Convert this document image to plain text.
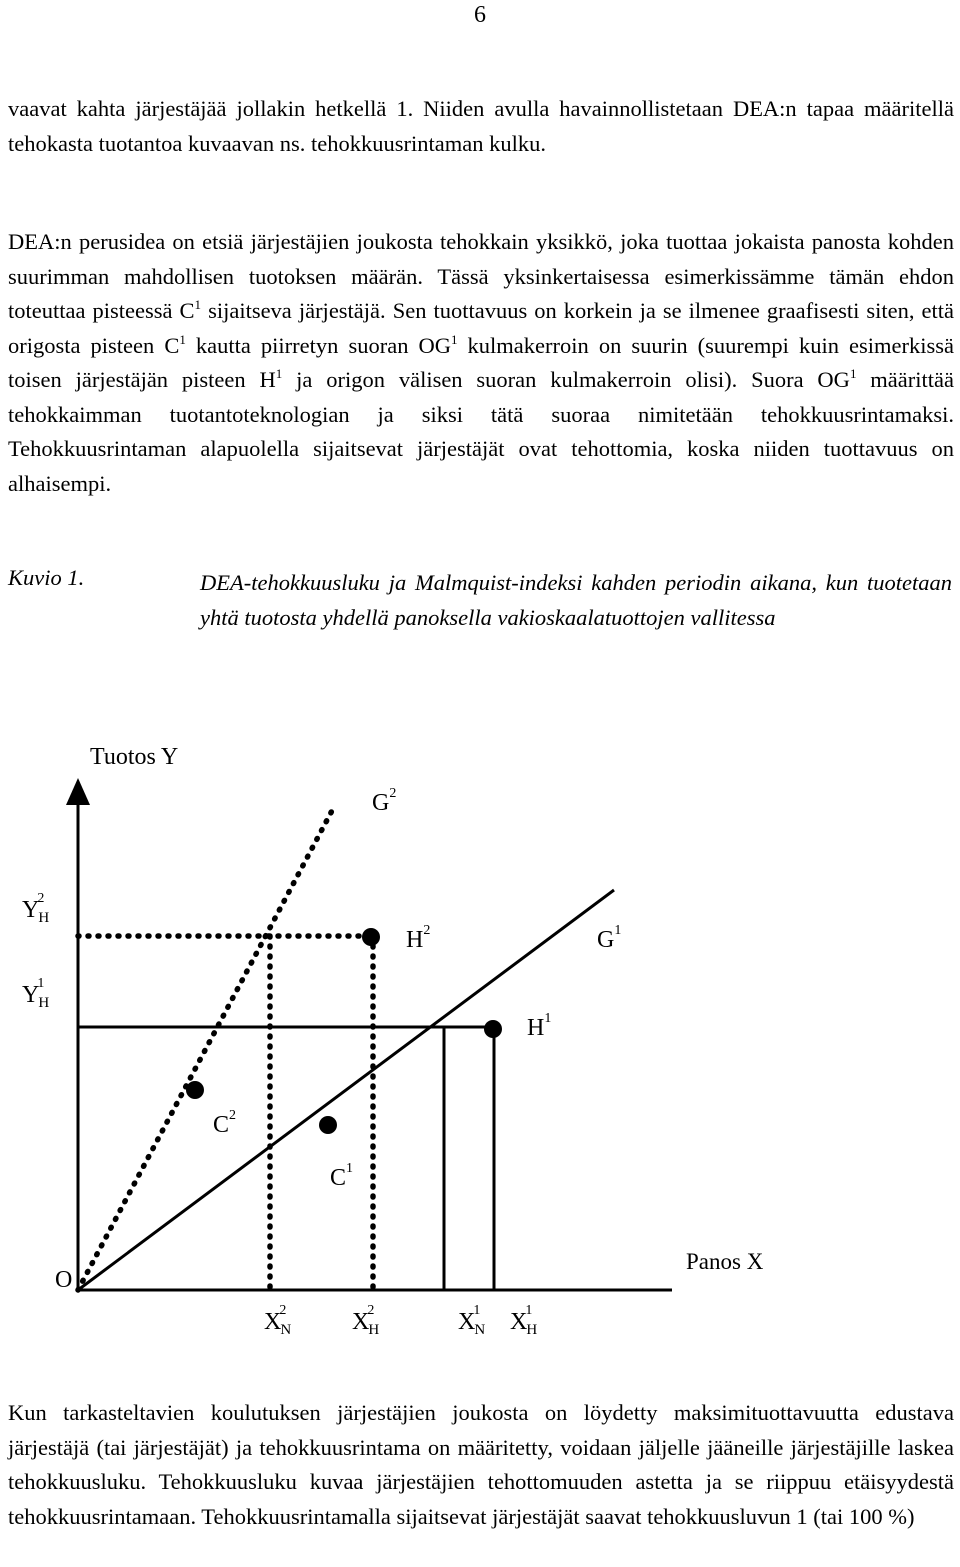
6

vaavat kahta järjestäjää jollakin hetkellä 1. Niiden avulla havainnollistetaan DEA:n tapaa määritellä tehokasta tuotantoa kuvaavan ns. tehokkuusrintaman kulku.

DEA:n perusidea on etsiä järjestäjien joukosta tehokkain yksikkö, joka tuottaa jokaista panosta kohden suurimman mahdollisen tuotoksen määrän. Tässä yksinkertaisessa esimerkissämme tämän ehdon toteuttaa pisteessä $C^1$ sijaitseva järjestäjä. Sen tuottavuus on korkein ja se ilmenee graafisesti siten, että origosta pisteen $C^1$ kautta piirretyn suoran $OG^1$ kulmakerroin on suurin (suurempi kuin esimerkissä toisen järjestäjän pisteen $H^1$ ja origon välisen suoran kulmakerroin olisi). Suora $OG^1$ määrittää tehokkaimman tuotantoteknologian ja siksi tätä suoraa nimitetään tehokkuusrintamaksi. Tehokkuusrintaman alapuolella sijaitsevat järjestäjät ovat tehottomia, koska niiden tuottavuus on alhaisempi.

Kuvio 1.	DEA-tehokkuusluku ja Malmquist-indeksi kahden periodin aikana, kun tuotetaan yhtä tuotosta yhdellä panoksella vakioskaalatuottojen vallitessa
Tuotos Y
Panos X
O
$G^2$
$G^1$
$H^2$
$H^1$
$C^2$
$C^1$
Y2 H
Y1 H
X2 N	X2 H	X1 N X1 H

Kun tarkasteltavien koulutuksen järjestäjien joukosta on löydetty maksimituottavuutta edustava järjestäjä (tai järjestäjät) ja tehokkuusrintama on määritetty, voidaan jäljelle jääneille järjestäjille laskea tehokkuusluku. Tehokkuusluku kuvaa järjestäjien tehottomuuden astetta ja se riippuu etäisyydestä tehokkuusrintamaan. Tehokkuusrintamalla sijaitsevat järjestäjät saavat tehokkuusluvun 1 (tai 100 %)
